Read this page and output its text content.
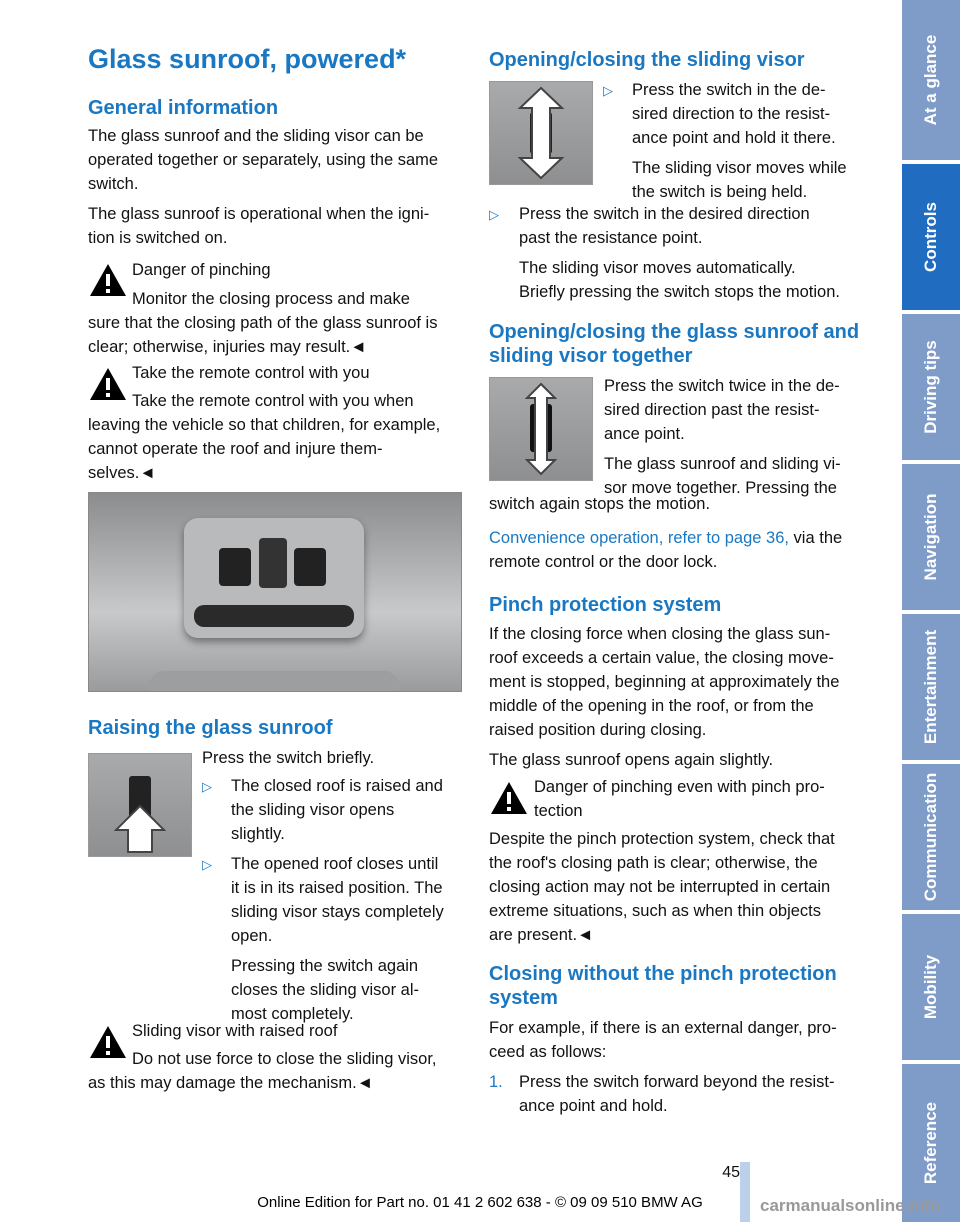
Glass sunroof, powered*
General information
The glass sunroof and the sliding visor can be
operated together or separately, using the same
switch.
The glass sunroof is operational when the igni-
tion is switched on.
Danger of pinching
Monitor the closing process and make
sure that the closing path of the glass sunroof is
clear; otherwise, injuries may result.◄
Take the remote control with you
Take the remote control with you when
leaving the vehicle so that children, for example,
cannot operate the roof and injure them-
selves.◄
Raising the glass sunroof
Press the switch briefly.
▷ The closed roof is raised and
the sliding visor opens
slightly.
▷ The opened roof closes until
it is in its raised position. The
sliding visor stays completely
open.
Pressing the switch again
closes the sliding visor al-
most completely.
Sliding visor with raised roof
Do not use force to close the sliding visor,
as this may damage the mechanism.◄
Opening/closing the sliding visor
▷ Press the switch in the de-
sired direction to the resist-
ance point and hold it there.
The sliding visor moves while
the switch is being held.
▷ Press the switch in the desired direction
past the resistance point.
The sliding visor moves automatically.
Briefly pressing the switch stops the motion.
Opening/closing the glass sunroof and
sliding visor together
Press the switch twice in the de-
sired direction past the resist-
ance point.
The glass sunroof and sliding vi-
sor move together. Pressing the
switch again stops the motion.
Convenience operation, refer to page 36, via the
remote control or the door lock.
Pinch protection system
If the closing force when closing the glass sun-
roof exceeds a certain value, the closing move-
ment is stopped, beginning at approximately the
middle of the opening in the roof, or from the
raised position during closing.
The glass sunroof opens again slightly.
Danger of pinching even with pinch pro-
tection
Despite the pinch protection system, check that
the roof's closing path is clear; otherwise, the
closing action may not be interrupted in certain
extreme situations, such as when thin objects
are present.◄
Closing without the pinch protection
system
For example, if there is an external danger, pro-
ceed as follows:
1. Press the switch forward beyond the resist-
ance point and hold.
At a glance
Controls
Driving tips
Navigation
Entertainment
Communication
Mobility
Reference
45
Online Edition for Part no. 01 41 2 602 638 - © 09 09 510 BMW AG	carmanualsonline.info
